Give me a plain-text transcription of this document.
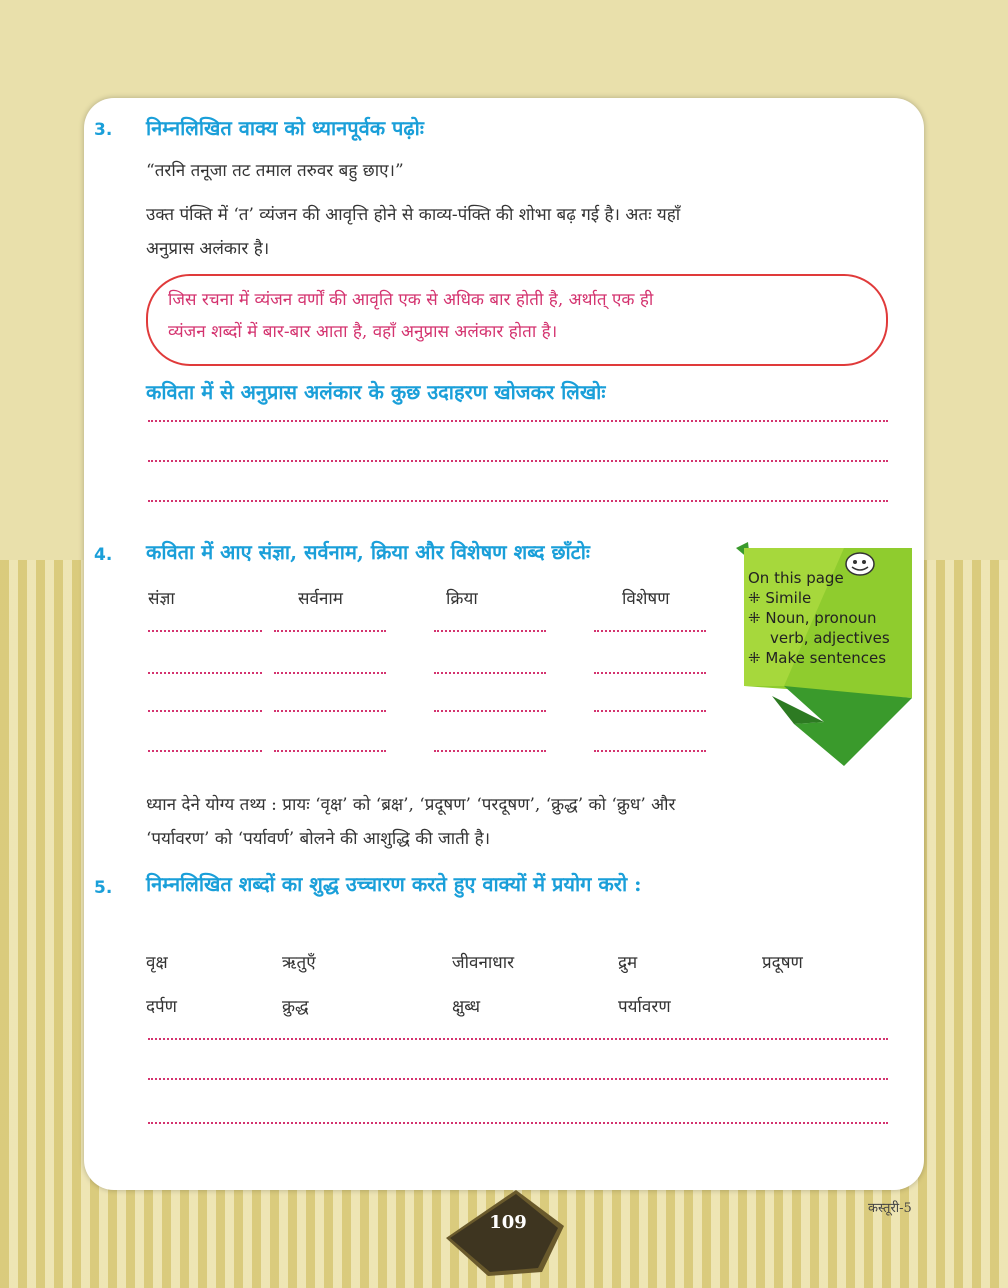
3. निम्नलिखित वाक्य को ध्यानपूर्वक पढ़ोः
“तरनि तनूजा तट तमाल तरुवर बहु छाए।”
उक्त पंक्ति में ‘त’ व्यंजन की आवृत्ति होने से काव्य-पंक्ति की शोभा बढ़ गई है। अतः यहाँ
अनुप्रास अलंकार है।
जिस रचना में व्यंजन वर्णों की आवृति एक से अधिक बार होती है, अर्थात् एक ही
व्यंजन शब्दों में बार-बार आता है, वहाँ अनुप्रास अलंकार होता है।
कविता में से अनुप्रास अलंकार के कुछ उदाहरण खोजकर लिखोः
4. कविता में आए संज्ञा, सर्वनाम, क्रिया और विशेषण शब्द छाँटोः
संज्ञा	सर्वनाम	क्रिया	विशेषण
On this page
⁜ Simile
⁜ Noun, pronoun
verb, adjectives
⁜ Make sentences
ध्यान देने योग्य तथ्य : प्रायः ‘वृक्ष’ को ‘ब्रक्ष’, ‘प्रदूषण’ ‘परदूषण’, ‘क्रुद्ध’ को ‘क्रुध’ और
‘पर्यावरण’ को ‘पर्यावर्ण’ बोलने की आशुद्धि की जाती है।
5. निम्नलिखित शब्दों का शुद्ध उच्चारण करते हुए वाक्यों में प्रयोग करो :
वृक्ष	ऋतुएँ	जीवनाधार	द्रुम	प्रदूषण
दर्पण	क्रुद्ध	क्षुब्ध	पर्यावरण
109
कस्तूरी-5
